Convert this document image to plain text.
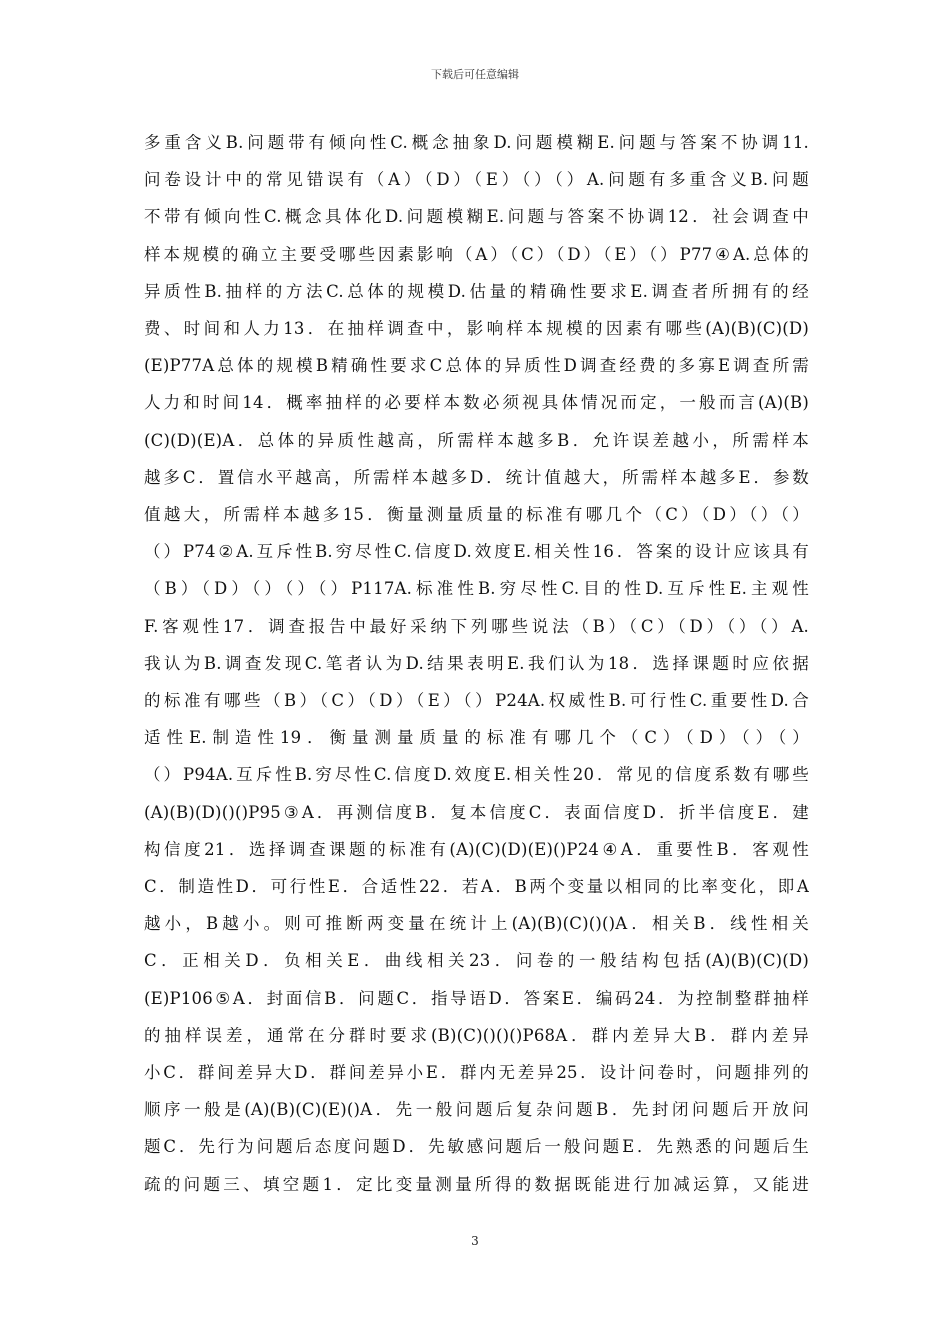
下载后可任意编辑
多重含义B.问题带有倾向性C.概念抽象D.问题模糊E.问题与答案不协调11.
问卷设计中的常见错误有（A）（D）（E）（）（）A.问题有多重含义B.问题
不带有倾向性C.概念具体化D.问题模糊E.问题与答案不协调12．社会调查中
样本规模的确立主要受哪些因素影响（A）（C）（D）（E）（）P77④A.总体的
异质性B.抽样的方法C.总体的规模D.估量的精确性要求E.调查者所拥有的经
费、时间和人力13．在抽样调查中，影响样本规模的因素有哪些(A)(B)(C)(D)
(E)P77A总体的规模B精确性要求C总体的异质性D调查经费的多寡E调查所需
人力和时间14．概率抽样的必要样本数必须视具体情况而定，一般而言(A)(B)
(C)(D)(E)A．总体的异质性越高，所需样本越多B．允许误差越小，所需样本
越多C．置信水平越高，所需样本越多D．统计值越大，所需样本越多E．参数
值越大，所需样本越多15．衡量测量质量的标准有哪几个（C）（D）（）（）
（）P74②A.互斥性B.穷尽性C.信度D.效度E.相关性16．答案的设计应该具有
（B）（D）（）（）（）P117A.标准性B.穷尽性C.目的性D.互斥性E.主观性
F.客观性17．调查报告中最好采纳下列哪些说法（B）（C）（D）（）（）A.
我认为B.调查发现C.笔者认为D.结果表明E.我们认为18．选择课题时应依据
的标准有哪些（B）（C）（D）（E）（）P24A.权威性B.可行性C.重要性D.合
适性E.制造性19．衡量测量质量的标准有哪几个（C）（D）（）（）
（）P94A.互斥性B.穷尽性C.信度D.效度E.相关性20．常见的信度系数有哪些
(A)(B)(D)()()P95③A．再测信度B．复本信度C．表面信度D．折半信度E．建
构信度21．选择调查课题的标准有(A)(C)(D)(E)()P24④A．重要性B．客观性
C．制造性D．可行性E．合适性22．若A．B两个变量以相同的比率变化，即A
越小，B越小。则可推断两变量在统计上(A)(B)(C)()()A．相关B．线性相关
C．正相关D．负相关E．曲线相关23．问卷的一般结构包括(A)(B)(C)(D)
(E)P106⑤A．封面信B．问题C．指导语D．答案E．编码24．为控制整群抽样
的抽样误差，通常在分群时要求(B)(C)()()()P68A．群内差异大B．群内差异
小C．群间差异大D．群间差异小E．群内无差异25．设计问卷时，问题排列的
顺序一般是(A)(B)(C)(E)()A．先一般问题后复杂问题B．先封闭问题后开放问
题C．先行为问题后态度问题D．先敏感问题后一般问题E．先熟悉的问题后生
疏的问题三、填空题1．定比变量测量所得的数据既能进行加减运算，又能进
3
